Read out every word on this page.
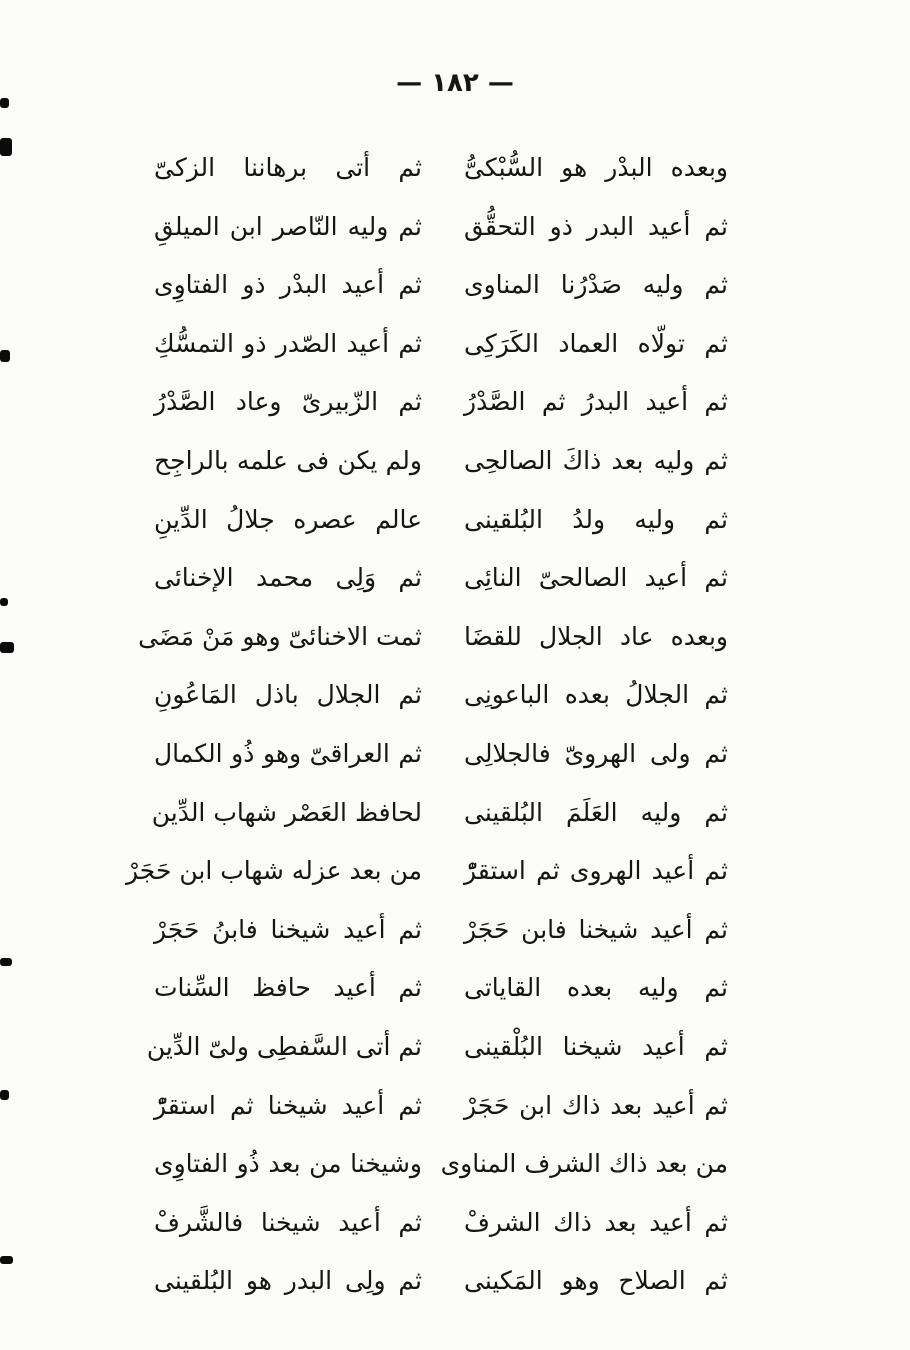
— ١٨٢ —
وبعده البدْر هو السُّبْكىُّ
ثم أتى برهاننا الزكىّ
ثم أعيد البدر ذو التحقُّق
ثم وليه النّاصر ابن الميلقِ
ثم وليه صَدْرُنا المناوى
ثم أعيد البدْر ذو الفتاوِى
ثم تولّاه العماد الكَرَكِى
ثم أعيد الصّدر ذو التمسُّكِ
ثم أعيد البدرُ ثم الصَّدْرُ
ثم الزّبيرىّ وعاد الصَّدْرُ
ثم وليه بعد ذاكَ الصالحِى
ولم يكن فى علمه بالراجِح
ثم وليه ولدُ البُلقينى
عالم عصره جلالُ الدِّينِ
ثم أعيد الصالحىّ النائِى
ثم وَلِى محمد الإخنائى
وبعده عاد الجلال للقضَا
ثمت الاخنائىّ وهو مَنْ مَضَى
ثم الجلالُ بعده الباعونِى
ثم الجلال باذل المَاعُونِ
ثم ولى الهروىّ فالجلالِى
ثم العراقىّ وهو ذُو الكمال
ثم وليه العَلَمَ البُلقينى
لحافظ العَصْر شهاب الدِّين
ثم أعيد الهروى ثم استقرّْ
من بعد عزله شهاب ابن حَجَرْ
ثم أعيد شيخنا فابن حَجَرْ
ثم أعيد شيخنا فابنُ حَجَرْ
ثم وليه بعده القاياتى
ثم أعيد حافظ السِّنات
ثم أعيد شيخنا البُلْقينى
ثم أتى السَّفطِى ولىّ الدِّين
ثم أعيد بعد ذاك ابن حَجَرْ
ثم أعيد شيخنا ثم استقرّْ
من بعد ذاك الشرف المناوى
وشيخنا من بعد ذُو الفتاوِى
ثم أعيد بعد ذاك الشرفْ
ثم أعيد شيخنا فالشَّرفْ
ثم الصلاح وهو المَكينى
ثم ولِى البدر هو البُلقينى
